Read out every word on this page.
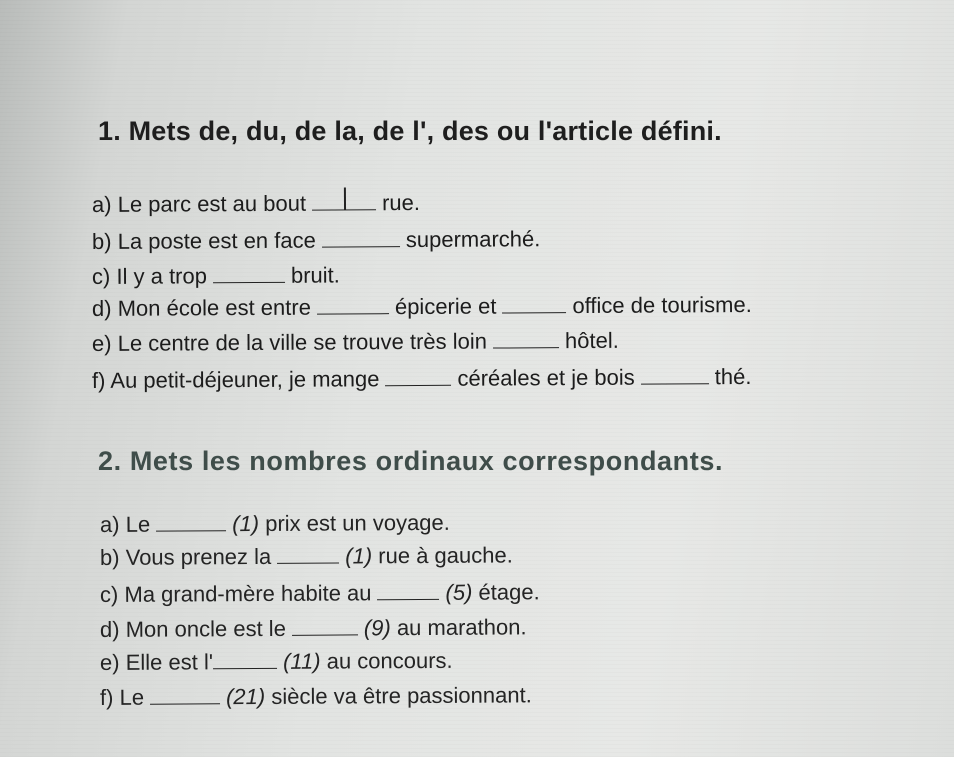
1. Mets de, du, de la, de l', des ou l'article défini.
a) Le parc est au bout	rue.
b) La poste est en face	supermarché.
c) Il y a trop	bruit.
d) Mon école est entre	épicerie et	office de tourisme.
e) Le centre de la ville se trouve très loin	hôtel.
f) Au petit-déjeuner, je mange	céréales et je bois	thé.
2. Mets les nombres ordinaux correspondants.
a) Le	(1) prix est un voyage.
b) Vous prenez la	(1) rue à gauche.
c) Ma grand-mère habite au	(5) étage.
d) Mon oncle est le	(9) au marathon.
e) Elle est l'	(11) au concours.
f) Le	(21) siècle va être passionnant.
